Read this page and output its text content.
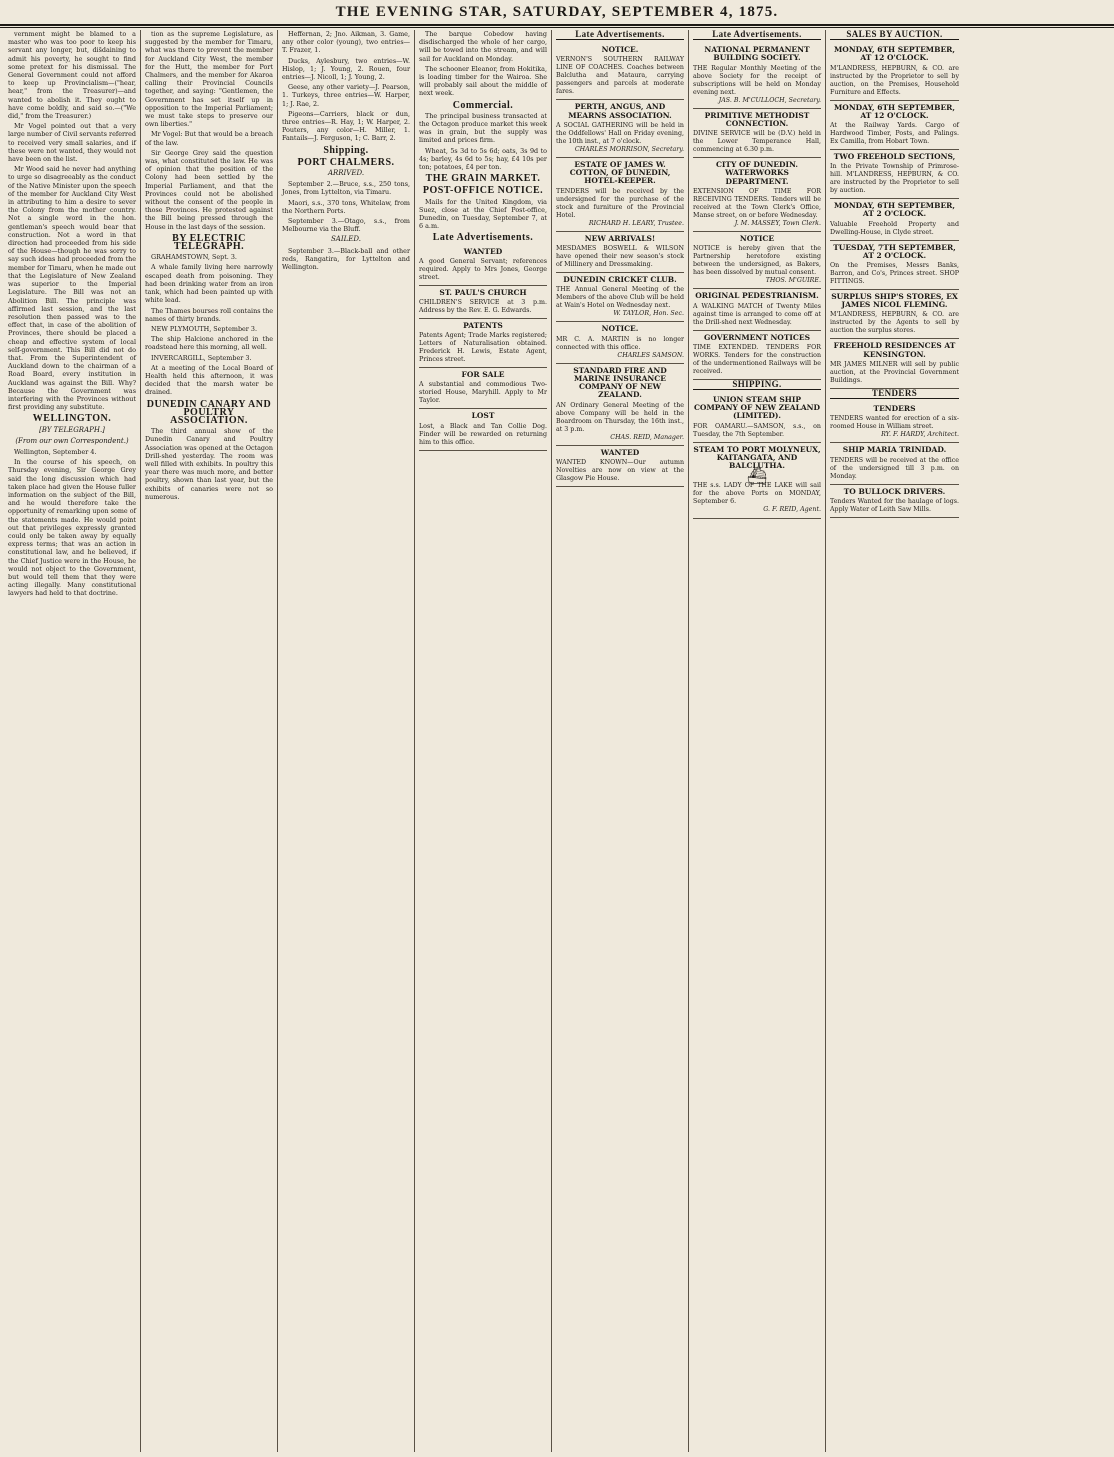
THE EVENING STAR, SATURDAY, SEPTEMBER 4, 1875.

vernment might be blamed to a master who was too poor to keep his servant any longer, but, dis̄daining to admit his poverty, he sought to find some pretext for his dismissal. The General Government could not afford to keep up Provincialism—("hear, hear," from the Treasurer)—and wanted to abolish it. They ought to have come boldly, and said so.—("We did," from the Treasurer.)

Mr Vogel pointed out that a very large number of Civil servants referred to received very small salaries, and if these were not wanted, they would not have been on the list.

Mr Wood said he never had anything to urge so disagreeably as the conduct of the Native Minister upon the speech of the member for Auckland City West in attributing to him a desire to sever the Colony from the mother country. Not a single word in the hon. gentleman's speech would bear that construction. Not a word in that direction had proceeded from his side of the House—though he was sorry to say such ideas had proceeded from the member for Timaru, when he made out that the Legislature of New Zealand was superior to the Imperial Legislature. The Bill was not an Abolition Bill. The principle was affirmed last session, and the last resolution then passed was to the effect that, in case of the abolition of Provinces, there should be placed a cheap and effective system of local self-government. This Bill did not do that. From the Superintendent of Auckland down to the chairman of a Road Board, every institution in Auckland was against the Bill. Why? Because the Government was interfering with the Provinces without first providing any substitute.

WELLINGTON.
[BY TELEGRAPH.]
(From our own Correspondent.)

Wellington, September 4.

In the course of his speech, on Thursday evening, Sir George Grey said the long discussion which had taken place had given the House fuller information on the subject of the Bill, and he would therefore take the opportunity of remarking upon some of the statements made. He would point out that privileges expressly granted could only be taken away by equally express terms; that was an action in constitutional law, and he believed, if the Chief Justice were in the House, he would not object to the Government, but would tell them that they were acting illegally. Many constitutional lawyers had held to that doctrine.

tion as the supreme Legislature, as suggested by the member for Timaru, what was there to prevent the member for Auckland City West, the member for the Hutt, the member for Port Chalmers, and the member for Akaroa calling their Provincial Councils together, and saying: "Gentlemen, the Government has set itself up in opposition to the Imperial Parliament; we must take steps to preserve our own liberties."

Mr Vogel: But that would be a breach of the law.

Sir George Grey said the question was, what constituted the law. He was of opinion that the position of the Colony had been settled by the Imperial Parliament, and that the Provinces could not be abolished without the consent of the people in those Provinces. He protested against the Bill being pressed through the House in the last days of the session.

BY ELECTRIC TELEGRAPH.

GRAHAMSTOWN, Sept. 3.

A whale family living here narrowly escaped death from poisoning. They had been drinking water from an iron tank, which had been painted up with white lead.

The Thames bourses roll contains the names of thirty brands.

NEW PLYMOUTH, September 3.

The ship Halcione anchored in the roadstead here this morning, all well.

INVERCARGILL, September 3.

At a meeting of the Local Board of Health held this afternoon, it was decided that the marsh water be drained.

DUNEDIN CANARY AND POULTRY ASSOCIATION.

The third annual show of the Dunedin Canary and Poultry Association was opened at the Octagon Drill-shed yesterday. The room was well filled with exhibits. In poultry this year there was much more, and better poultry, shown than last year, but the exhibits of canaries were not so numerous.

Heffernan, 2; Jno. Aikman, 3. Game, any other color (young), two entries—T. Frazer, 1.

Ducks, Aylesbury, two entries—W. Hislop, 1; J. Young, 2. Rouen, four entries—J. Nicoll, 1; J. Young, 2.

Geese, any other variety—J. Pearson, 1. Turkeys, three entries—W. Harper, 1; J. Rae, 2.

Pigeons—Carriers, black or dun, three entries—R. Hay, 1; W. Harper, 2. Pouters, any color—H. Miller, 1. Fantails—J. Ferguson, 1; C. Barr, 2.

Shipping.
PORT CHALMERS.
ARRIVED.

September 2.—Bruce, s.s., 250 tons, Jones, from Lyttelton, via Timaru.

Maori, s.s., 370 tons, Whitelaw, from the Northern Ports.

September 3.—Otago, s.s., from Melbourne via the Bluff.

SAILED.

September 3.—Black-ball and other reds, Rangatira, for Lyttelton and Wellington.

The barque Cobedow having disdischarged the whole of her cargo, will be towed into the stream, and will sail for Auckland on Monday.

The schooner Eleanor, from Hokitika, is loading timber for the Wairoa. She will probably sail about the middle of next week.

Commercial.

The principal business transacted at the Octagon produce market this week was in grain, but the supply was limited and prices firm.

Wheat, 5s 3d to 5s 6d; oats, 3s 9d to 4s; barley, 4s 6d to 5s; hay, £4 10s per ton; potatoes, £4 per ton.

THE GRAIN MARKET.
POST-OFFICE NOTICE.

Mails for the United Kingdom, via Suez, close at the Chief Post-office, Dunedin, on Tuesday, September 7, at 6 a.m.

Late Advertisements.
WANTED
A good General Servant; references required. Apply to Mrs Jones, George street.
ST. PAUL'S CHURCH
CHILDREN'S SERVICE at 3 p.m. Address by the Rev. E. G. Edwards.
PATENTS
Patents Agent; Trade Marks registered; Letters of Naturalisation obtained. Frederick H. Lewis, Estate Agent, Princes street.
FOR SALE
A substantial and commodious Two-storied House, Maryhill. Apply to Mr Taylor.
LOST
Lost, a Black and Tan Collie Dog. Finder will be rewarded on returning him to this office.
Late Advertisements.
NOTICE.
VERNON'S SOUTHERN RAILWAY LINE OF COACHES. Coaches between Balclutha and Mataura, carrying passengers and parcels at moderate fares.
PERTH, ANGUS, AND MEARNS ASSOCIATION.
A SOCIAL GATHERING will be held in the Oddfellows' Hall on Friday evening, the 10th inst., at 7 o'clock.
CHARLES MORRISON, Secretary.
ESTATE OF JAMES W. COTTON, OF DUNEDIN, HOTEL-KEEPER.
TENDERS will be received by the undersigned for the purchase of the stock and furniture of the Provincial Hotel.
RICHARD H. LEARY, Trustee.
NEW ARRIVALS!
MESDAMES BOSWELL & WILSON have opened their new season's stock of Millinery and Dressmaking.
DUNEDIN CRICKET CLUB.
THE Annual General Meeting of the Members of the above Club will be held at Wain's Hotel on Wednesday next.
W. TAYLOR, Hon. Sec.
NOTICE.
MR C. A. MARTIN is no longer connected with this office.
CHARLES SAMSON.
STANDARD FIRE AND MARINE INSURANCE COMPANY OF NEW ZEALAND.
AN Ordinary General Meeting of the above Company will be held in the Boardroom on Thursday, the 16th inst., at 3 p.m.
CHAS. REID, Manager.
WANTED
WANTED KNOWN—Our autumn Novelties are now on view at the Glasgow Pie House.
Late Advertisements.
NATIONAL PERMANENT BUILDING SOCIETY.
THE Regular Monthly Meeting of the above Society for the receipt of subscriptions will be held on Monday evening next.
JAS. B. M'CULLOCH, Secretary.
PRIMITIVE METHODIST CONNECTION.
DIVINE SERVICE will be (D.V.) held in the Lower Temperance Hall, commencing at 6.30 p.m.
CITY OF DUNEDIN. WATERWORKS DEPARTMENT.
EXTENSION OF TIME FOR RECEIVING TENDERS. Tenders will be received at the Town Clerk's Office, Manse street, on or before Wednesday.
J. M. MASSEY, Town Clerk.
NOTICE
NOTICE is hereby given that the Partnership heretofore existing between the undersigned, as Bakers, has been dissolved by mutual consent.
THOS. M'GUIRE.
ORIGINAL PEDESTRIANISM.
A WALKING MATCH of Twenty Miles against time is arranged to come off at the Drill-shed next Wednesday.
GOVERNMENT NOTICES
TIME EXTENDED. TENDERS FOR WORKS. Tenders for the construction of the undermentioned Railways will be received.
SHIPPING.
UNION STEAM SHIP COMPANY OF NEW ZEALAND (LIMITED).
FOR OAMARU.—SAMSON, s.s., on Tuesday, the 7th September.
STEAM TO PORT MOLYNEUX, KAITANGATA, AND BALCLUTHA.
⛴
THE s.s. LADY OF THE LAKE will sail for the above Ports on MONDAY, September 6.
G. F. REID, Agent.
SALES BY AUCTION.
MONDAY, 6TH SEPTEMBER, AT 12 O'CLOCK.
M'LANDRESS, HEPBURN, & CO. are instructed by the Proprietor to sell by auction, on the Premises, Household Furniture and Effects.
MONDAY, 6TH SEPTEMBER, AT 12 O'CLOCK.
At the Railway Yards. Cargo of Hardwood Timber, Posts, and Palings. Ex Camilla, from Hobart Town.
TWO FREEHOLD SECTIONS,
In the Private Township of Primrose-hill. M'LANDRESS, HEPBURN, & CO. are instructed by the Proprietor to sell by auction.
MONDAY, 6TH SEPTEMBER, AT 2 O'CLOCK.
Valuable Freehold Property and Dwelling-House, in Clyde street.
TUESDAY, 7TH SEPTEMBER, AT 2 O'CLOCK.
On the Premises, Messrs Banks, Barron, and Co's, Princes street. SHOP FITTINGS.
SURPLUS SHIP'S STORES, EX JAMES NICOL FLEMING.
M'LANDRESS, HEPBURN, & CO. are instructed by the Agents to sell by auction the surplus stores.
FREEHOLD RESIDENCES AT KENSINGTON.
MR JAMES MILNER will sell by public auction, at the Provincial Government Buildings.
TENDERS
TENDERS
TENDERS wanted for erection of a six-roomed House in William street.
RY. F. HARDY, Architect.
SHIP MARIA TRINIDAD.
TENDERS will be received at the office of the undersigned till 3 p.m. on Monday.
TO BULLOCK DRIVERS.
Tenders Wanted for the haulage of logs. Apply Water of Leith Saw Mills.
